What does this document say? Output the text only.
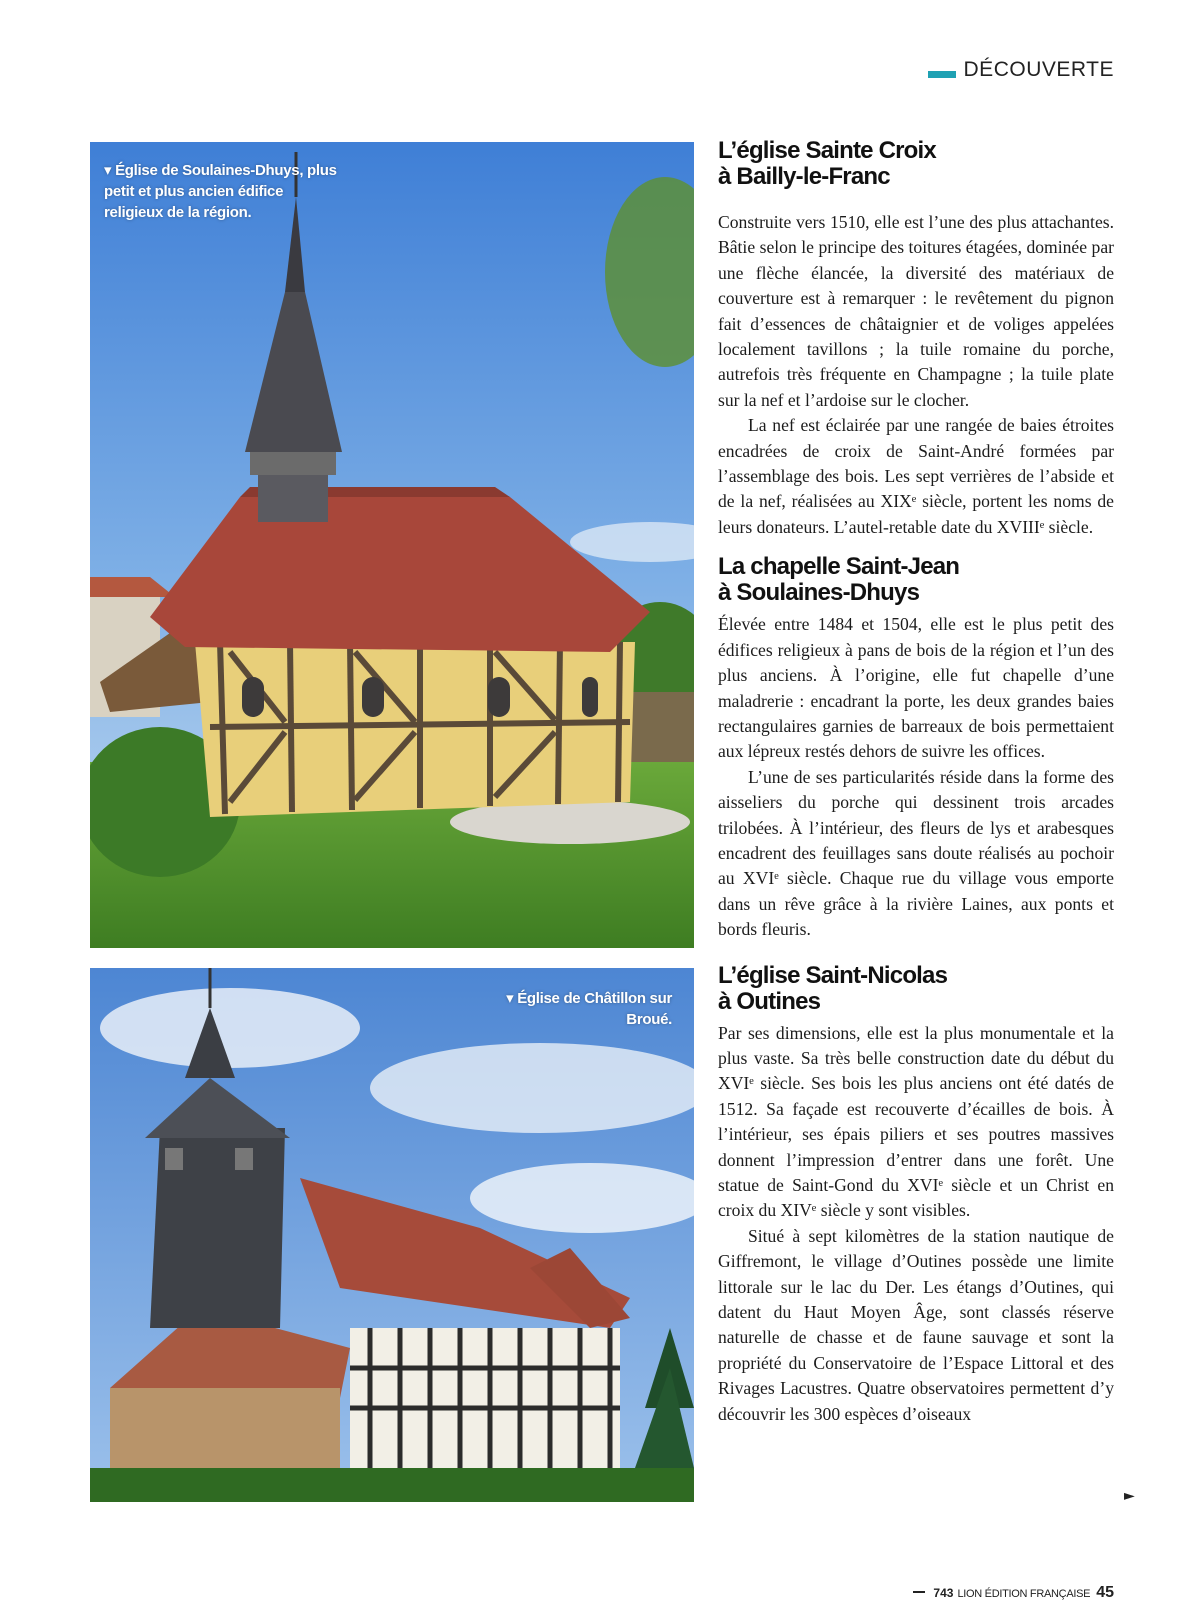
DÉCOUVERTE
▾ Église de Soulaines-Dhuys, plus petit et plus ancien édifice religieux de la région.
▾ Église de Châtillon sur Broué.
L’église Sainte Croix
à Bailly-le-Franc

Construite vers 1510, elle est l’une des plus attachantes. Bâtie selon le principe des toitures étagées, dominée par une flèche élancée, la diversité des matériaux de couverture est à remarquer : le revêtement du pignon fait d’essences de châtaignier et de voliges appelées localement tavillons ; la tuile romaine du porche, autrefois très fréquente en Champagne ; la tuile plate sur la nef et l’ardoise sur le clocher.

La nef est éclairée par une rangée de baies étroites encadrées de croix de Saint-André formées par l’assemblage des bois. Les sept verrières de l’abside et de la nef, réalisées au XIXᵉ siècle, portent les noms de leurs donateurs. L’autel-retable date du XVIIIᵉ siècle.

La chapelle Saint-Jean
à Soulaines-Dhuys

Élevée entre 1484 et 1504, elle est le plus petit des édifices religieux à pans de bois de la région et l’un des plus anciens. À l’origine, elle fut chapelle d’une maladrerie : encadrant la porte, les deux grandes baies rectangulaires garnies de barreaux de bois permettaient aux lépreux restés dehors de suivre les offices.

L’une de ses particularités réside dans la forme des aisseliers du porche qui dessinent trois arcades trilobées. À l’intérieur, des fleurs de lys et arabesques encadrent des feuillages sans doute réalisés au pochoir au XVIᵉ siècle. Chaque rue du village vous emporte dans un rêve grâce à la rivière Laines, aux ponts et bords fleuris.

L’église Saint-Nicolas
à Outines

Par ses dimensions, elle est la plus monumentale et la plus vaste. Sa très belle construction date du début du XVIᵉ siècle. Ses bois les plus anciens ont été datés de 1512. Sa façade est recouverte d’écailles de bois. À l’intérieur, ses épais piliers et ses poutres massives donnent l’impression d’entrer dans une forêt. Une statue de Saint-Gond du XVIᵉ siècle et un Christ en croix du XIVᵉ siècle y sont visibles.

Situé à sept kilomètres de la station nautique de Giffremont, le village d’Outines possède une limite littorale sur le lac du Der. Les étangs d’Outines, qui datent du Haut Moyen Âge, sont classés réserve naturelle de chasse et de faune sauvage et sont la propriété du Conservatoire de l’Espace Littoral et des Rivages Lacustres. Quatre observatoires permettent d’y découvrir les 300 espèces d’oiseaux

►
743 LION ÉDITION FRANÇAISE 45
